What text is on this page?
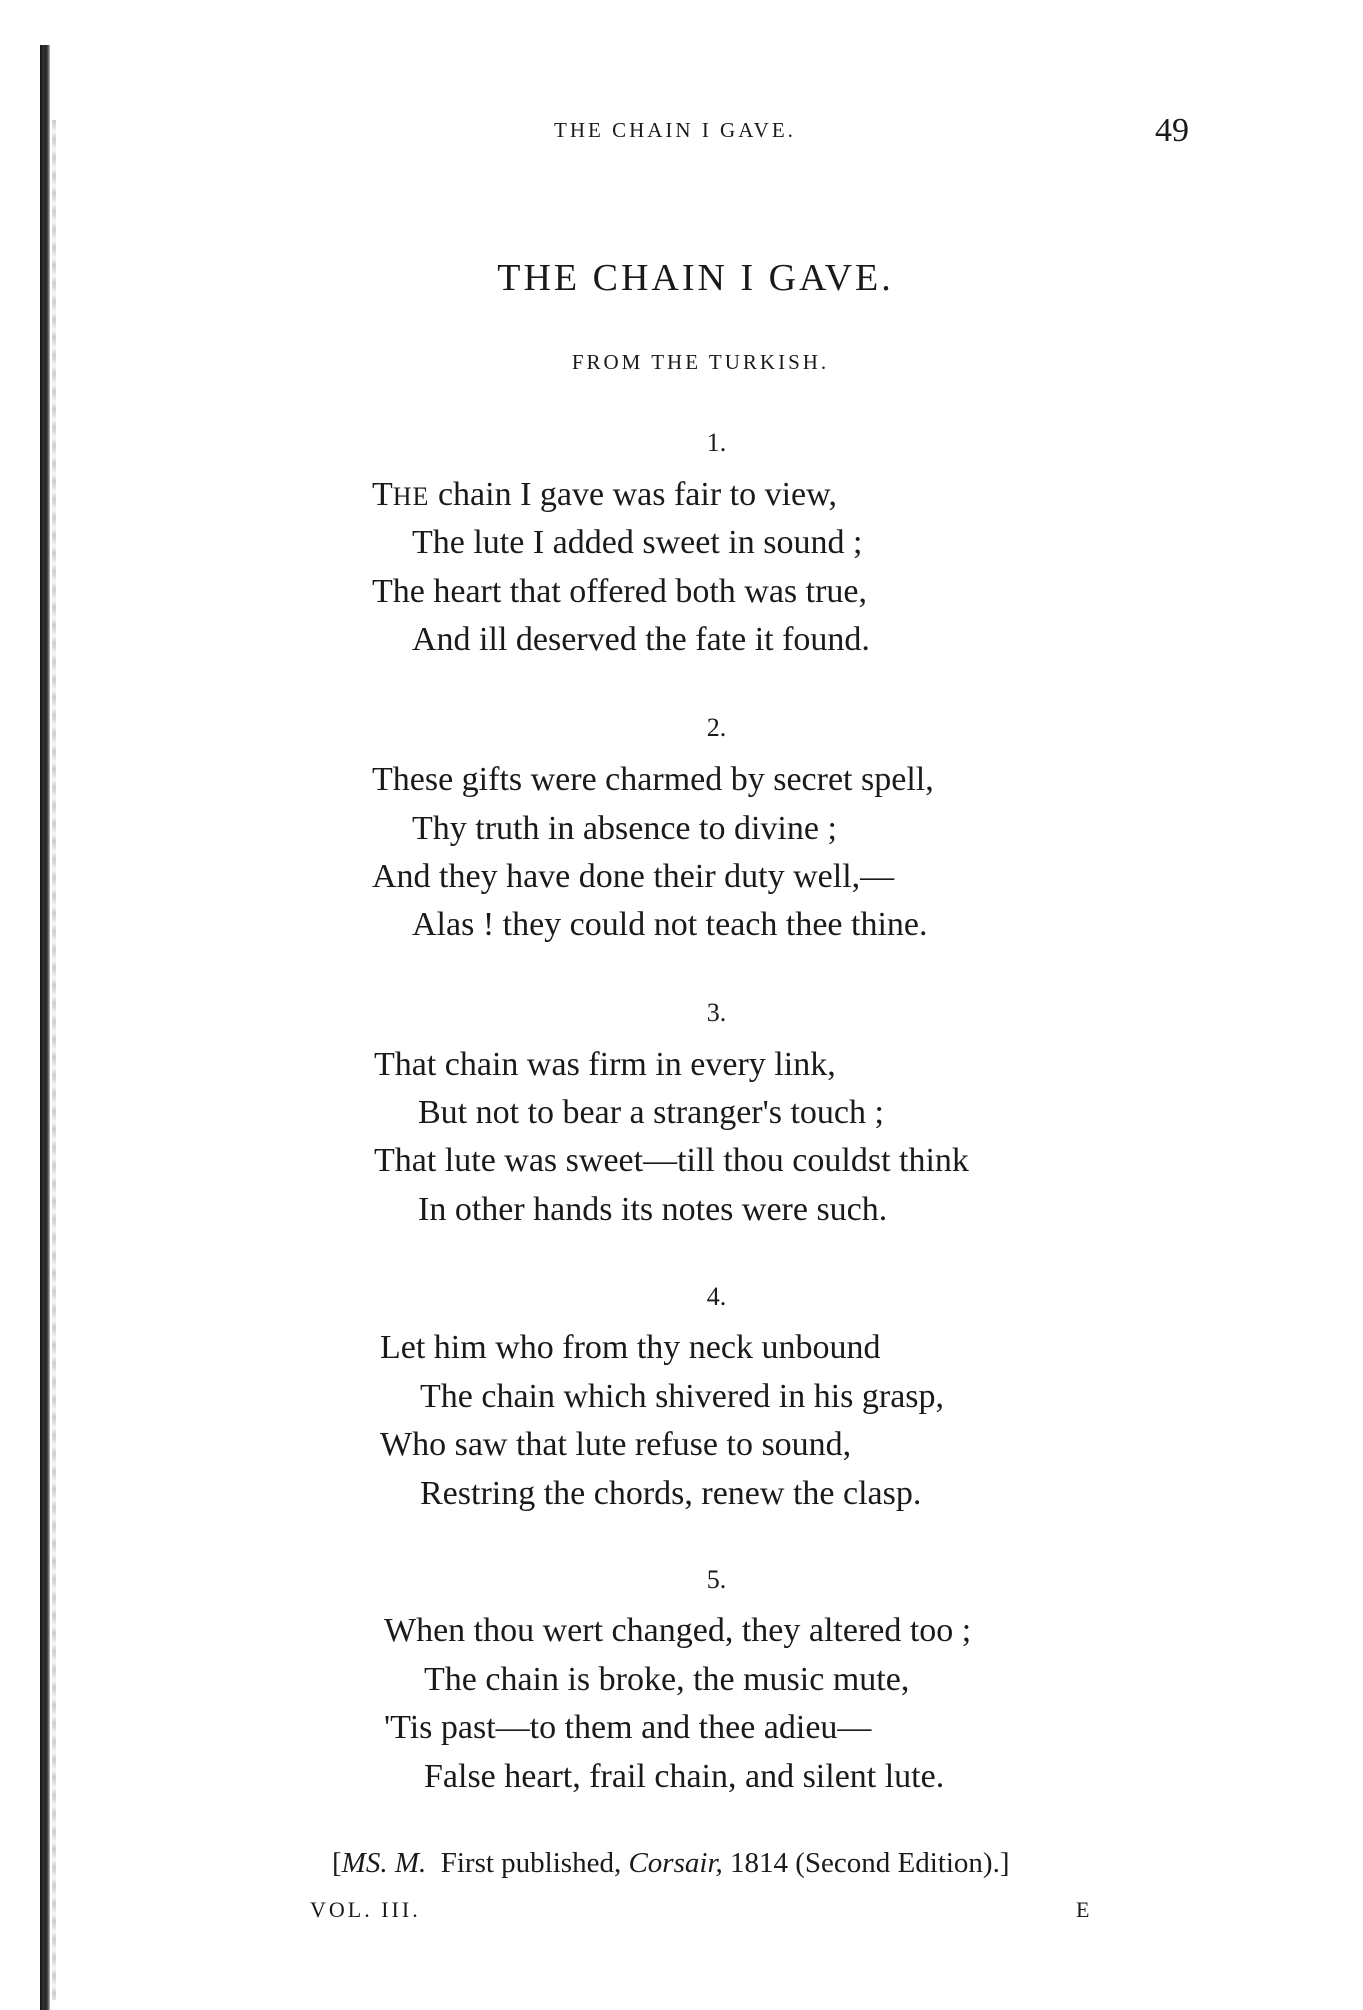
THE CHAIN I GAVE.	49
THE CHAIN I GAVE.
FROM THE TURKISH.
1.
THE chain I gave was fair to view,
The lute I added sweet in sound ;
The heart that offered both was true,
And ill deserved the fate it found.
2.
These gifts were charmed by secret spell,
Thy truth in absence to divine ;
And they have done their duty well,—
Alas ! they could not teach thee thine.
3.
That chain was firm in every link,
But not to bear a stranger's touch ;
That lute was sweet—till thou couldst think
In other hands its notes were such.
4.
Let him who from thy neck unbound
The chain which shivered in his grasp,
Who saw that lute refuse to sound,
Restring the chords, renew the clasp.
5.
When thou wert changed, they altered too ;
The chain is broke, the music mute,
'Tis past—to them and thee adieu—
False heart, frail chain, and silent lute.
[MS. M. First published, Corsair, 1814 (Second Edition).]
VOL. III.	E
